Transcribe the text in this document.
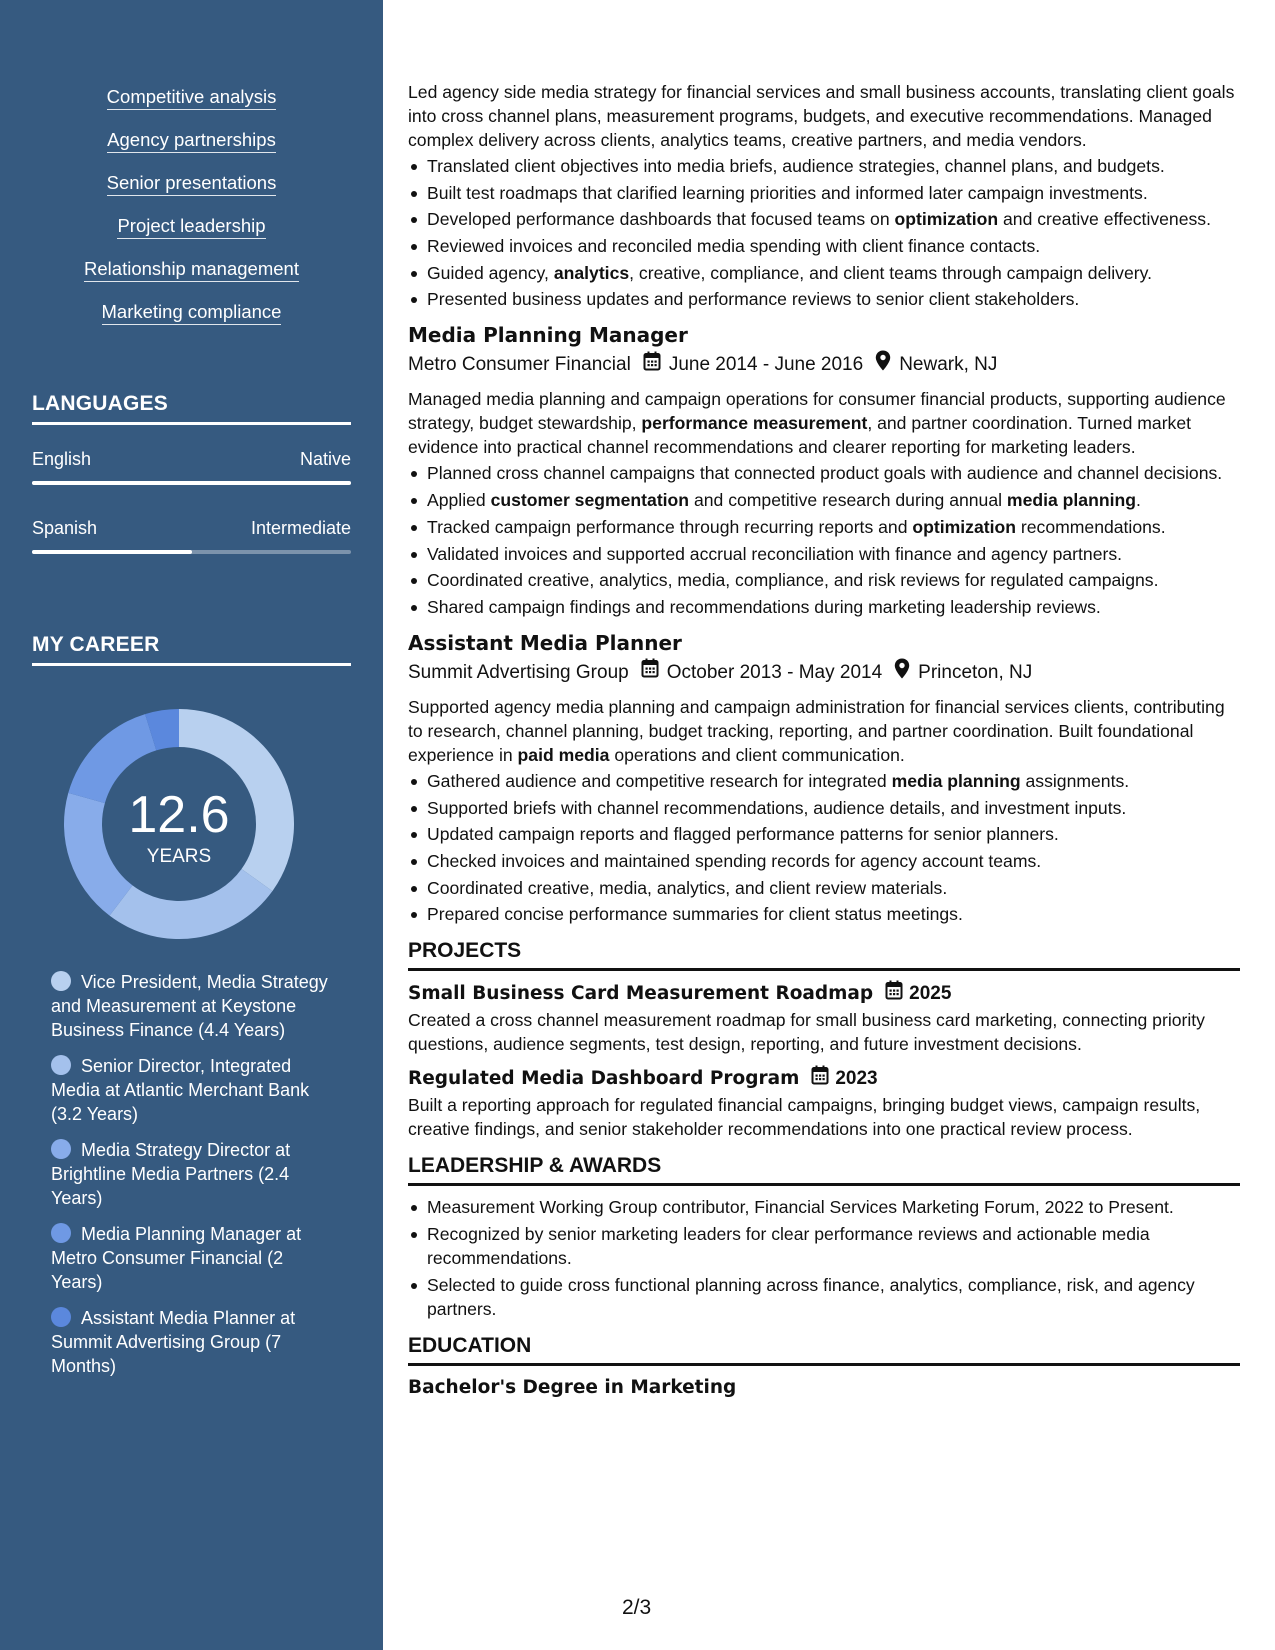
Competitive analysis
Agency partnerships
Senior presentations
Project leadership
Relationship management
Marketing compliance
LANGUAGES
English	Native
Spanish	Intermediate
MY CAREER
12.6
YEARS
Vice President, Media Strategy and Measurement at Keystone Business Finance (4.4 Years)
Senior Director, Integrated Media at Atlantic Merchant Bank (3.2 Years)
Media Strategy Director at Brightline Media Partners (2.4 Years)
Media Planning Manager at Metro Consumer Financial (2 Years)
Assistant Media Planner at Summit Advertising Group (7 Months)
Led agency side media strategy for financial services and small business accounts, translating client goals into cross channel plans, measurement programs, budgets, and executive recommendations. Managed complex delivery across clients, analytics teams, creative partners, and media vendors.
Translated client objectives into media briefs, audience strategies, channel plans, and budgets.
Built test roadmaps that clarified learning priorities and informed later campaign investments.
Developed performance dashboards that focused teams on optimization and creative effectiveness.
Reviewed invoices and reconciled media spending with client finance contacts.
Guided agency, analytics, creative, compliance, and client teams through campaign delivery.
Presented business updates and performance reviews to senior client stakeholders.
Media Planning Manager
Metro Consumer Financial June 2014 - June 2016 Newark, NJ
Managed media planning and campaign operations for consumer financial products, supporting audience strategy, budget stewardship, performance measurement, and partner coordination. Turned market evidence into practical channel recommendations and clearer reporting for marketing leaders.
Planned cross channel campaigns that connected product goals with audience and channel decisions.
Applied customer segmentation and competitive research during annual media planning.
Tracked campaign performance through recurring reports and optimization recommendations.
Validated invoices and supported accrual reconciliation with finance and agency partners.
Coordinated creative, analytics, media, compliance, and risk reviews for regulated campaigns.
Shared campaign findings and recommendations during marketing leadership reviews.
Assistant Media Planner
Summit Advertising Group October 2013 - May 2014 Princeton, NJ
Supported agency media planning and campaign administration for financial services clients, contributing to research, channel planning, budget tracking, reporting, and partner coordination. Built foundational experience in paid media operations and client communication.
Gathered audience and competitive research for integrated media planning assignments.
Supported briefs with channel recommendations, audience details, and investment inputs.
Updated campaign reports and flagged performance patterns for senior planners.
Checked invoices and maintained spending records for agency account teams.
Coordinated creative, media, analytics, and client review materials.
Prepared concise performance summaries for client status meetings.
PROJECTS
Small Business Card Measurement Roadmap 2025
Created a cross channel measurement roadmap for small business card marketing, connecting priority questions, audience segments, test design, reporting, and future investment decisions.
Regulated Media Dashboard Program 2023
Built a reporting approach for regulated financial campaigns, bringing budget views, campaign results, creative findings, and senior stakeholder recommendations into one practical review process.
LEADERSHIP & AWARDS
Measurement Working Group contributor, Financial Services Marketing Forum, 2022 to Present.
Recognized by senior marketing leaders for clear performance reviews and actionable media recommendations.
Selected to guide cross functional planning across finance, analytics, compliance, risk, and agency partners.
EDUCATION
Bachelor's Degree in Marketing
2/3
